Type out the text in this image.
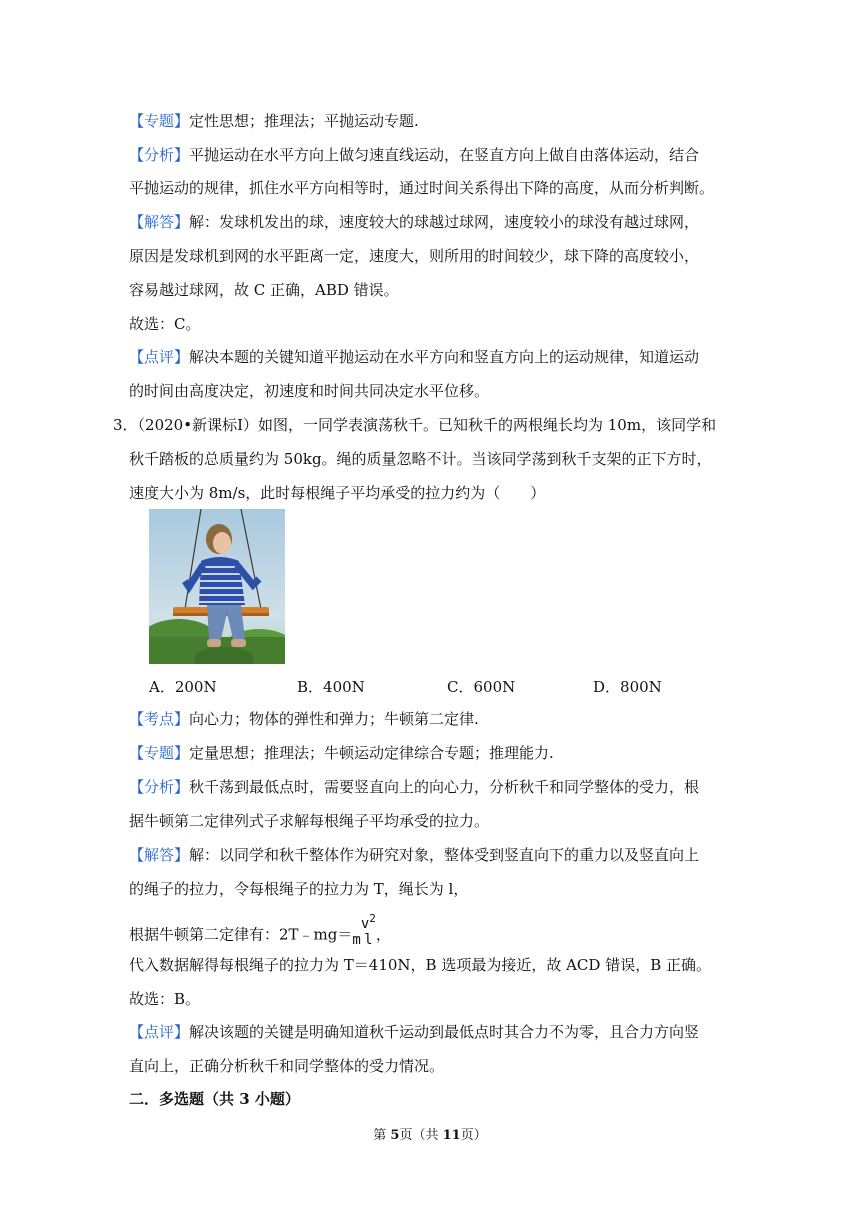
【专题】定性思想；推理法；平抛运动专题.
【分析】平抛运动在水平方向上做匀速直线运动，在竖直方向上做自由落体运动，结合
平抛运动的规律，抓住水平方向相等时，通过时间关系得出下降的高度，从而分析判断。
【解答】解：发球机发出的球，速度较大的球越过球网，速度较小的球没有越过球网，
原因是发球机到网的水平距离一定，速度大，则所用的时间较少，球下降的高度较小，
容易越过球网，故 C 正确，ABD 错误。
故选：C。
【点评】解决本题的关键知道平抛运动在水平方向和竖直方向上的运动规律，知道运动
的时间由高度决定，初速度和时间共同决定水平位移。
3．（2020•新课标Ⅰ）如图，一同学表演荡秋千。已知秋千的两根绳长均为 10m，该同学和
秋千踏板的总质量约为 50kg。绳的质量忽略不计。当该同学荡到秋千支架的正下方时，
速度大小为 8m/s，此时每根绳子平均承受的拉力约为（　　）
A．200N	B．400N	C．600N	D．800N
【考点】向心力；物体的弹性和弹力；牛顿第二定律.
【专题】定量思想；推理法；牛顿运动定律综合专题；推理能力.
【分析】秋千荡到最低点时，需要竖直向上的向心力，分析秋千和同学整体的受力，根
据牛顿第二定律列式子求解每根绳子平均承受的拉力。
【解答】解：以同学和秋千整体作为研究对象，整体受到竖直向下的重力以及竖直向上
的绳子的拉力，令每根绳子的拉力为 T，绳长为 l，
根据牛顿第二定律有：2T﹣mg＝m
$v^2$
l ，
代入数据解得每根绳子的拉力为 T＝410N，B 选项最为接近，故 ACD 错误，B 正确。
故选：B。
【点评】解决该题的关键是明确知道秋千运动到最低点时其合力不为零，且合力方向竖
直向上，正确分析秋千和同学整体的受力情况。
二．多选题（共 3 小题）
第 5页（共 11页）
